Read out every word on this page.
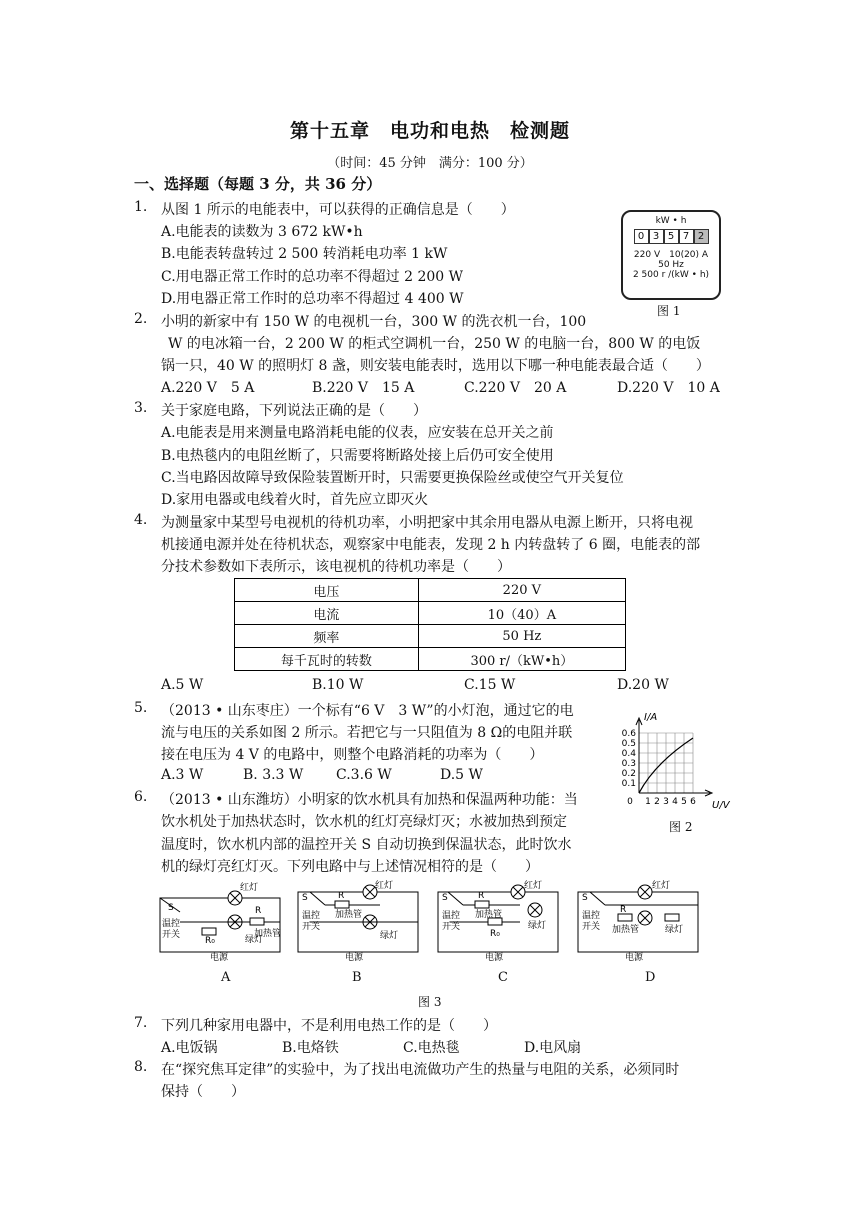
第十五章　电功和电热　检测题
（时间：45 分钟　满分：100 分）
一、选择题（每题 3 分，共 36 分）
1. 从图 1 所示的电能表中，可以获得的正确信息是（　　）
A.电能表的读数为 3 672 kW•h
B.电能表转盘转过 2 500 转消耗电功率 1 kW
C.用电器正常工作时的总功率不得超过 2 200 W
D.用电器正常工作时的总功率不得超过 4 400 W
kW • h
0 3 5 7 2
220 V　10(20) A
50 Hz
2 500 r /(kW • h)
图 1
2. 小明的新家中有 150 W 的电视机一台，300 W 的洗衣机一台，100
W 的电冰箱一台，2 200 W 的柜式空调机一台，250 W 的电脑一台，800 W 的电饭
锅一只，40 W 的照明灯 8 盏，则安装电能表时，选用以下哪一种电能表最合适（　　）
A.220 V　5 A	B.220 V　15 A	C.220 V　20 A	D.220 V　10 A
3. 关于家庭电路，下列说法正确的是（　　）
A.电能表是用来测量电路消耗电能的仪表，应安装在总开关之前
B.电热毯内的电阻丝断了，只需要将断路处接上后仍可安全使用
C.当电路因故障导致保险装置断开时，只需要更换保险丝或使空气开关复位
D.家用电器或电线着火时，首先应立即灭火
4. 为测量家中某型号电视机的待机功率，小明把家中其余用电器从电源上断开，只将电视
机接通电源并处在待机状态，观察家中电能表，发现 2 h 内转盘转了 6 圈，电能表的部
分技术参数如下表所示，该电视机的待机功率是（　　）
电压	220 V
电流	10（40）A
频率	50 Hz
每千瓦时的转数	300 r/（kW•h）
A.5 W	B.10 W	C.15 W	D.20 W
5. （2013 • 山东枣庄）一个标有“6 V　3 W”的小灯泡，通过它的电
流与电压的关系如图 2 所示。若把它与一只阻值为 8 Ω的电阻并联
接在电压为 4 V 的电路中，则整个电路消耗的功率为（　　）
A.3 W	B. 3.3 W C.3.6 W	D.5 W
I/A
U/V
0.6
0.5
0.4
0.3
0.2
0.1
0 1 2 3 4 5 6
图 2
6. （2013 • 山东潍坊）小明家的饮水机具有加热和保温两种功能：当
饮水机处于加热状态时，饮水机的红灯亮绿灯灭；水被加热到预定
温度时，饮水机内部的温控开关 S 自动切换到保温状态，此时饮水
机的绿灯亮红灯灭。下列电路中与上述情况相符的是（　　）
红灯
加热管
绿灯
S
温控
开关
R
R₀
电源
红灯
加热管
绿灯
S
温控
开关
R
电源
红灯
加热管
绿灯
S
温控
开关
R
R₀
电源
红灯
加热管	绿灯
S
温控
开关
R
电源
A	B	C	D
图 3
7. 下列几种家用电器中，不是利用电热工作的是（　　）
A.电饭锅	B.电烙铁	C.电热毯	D.电风扇
8. 在“探究焦耳定律”的实验中，为了找出电流做功产生的热量与电阻的关系，必须同时
保持（　　）
